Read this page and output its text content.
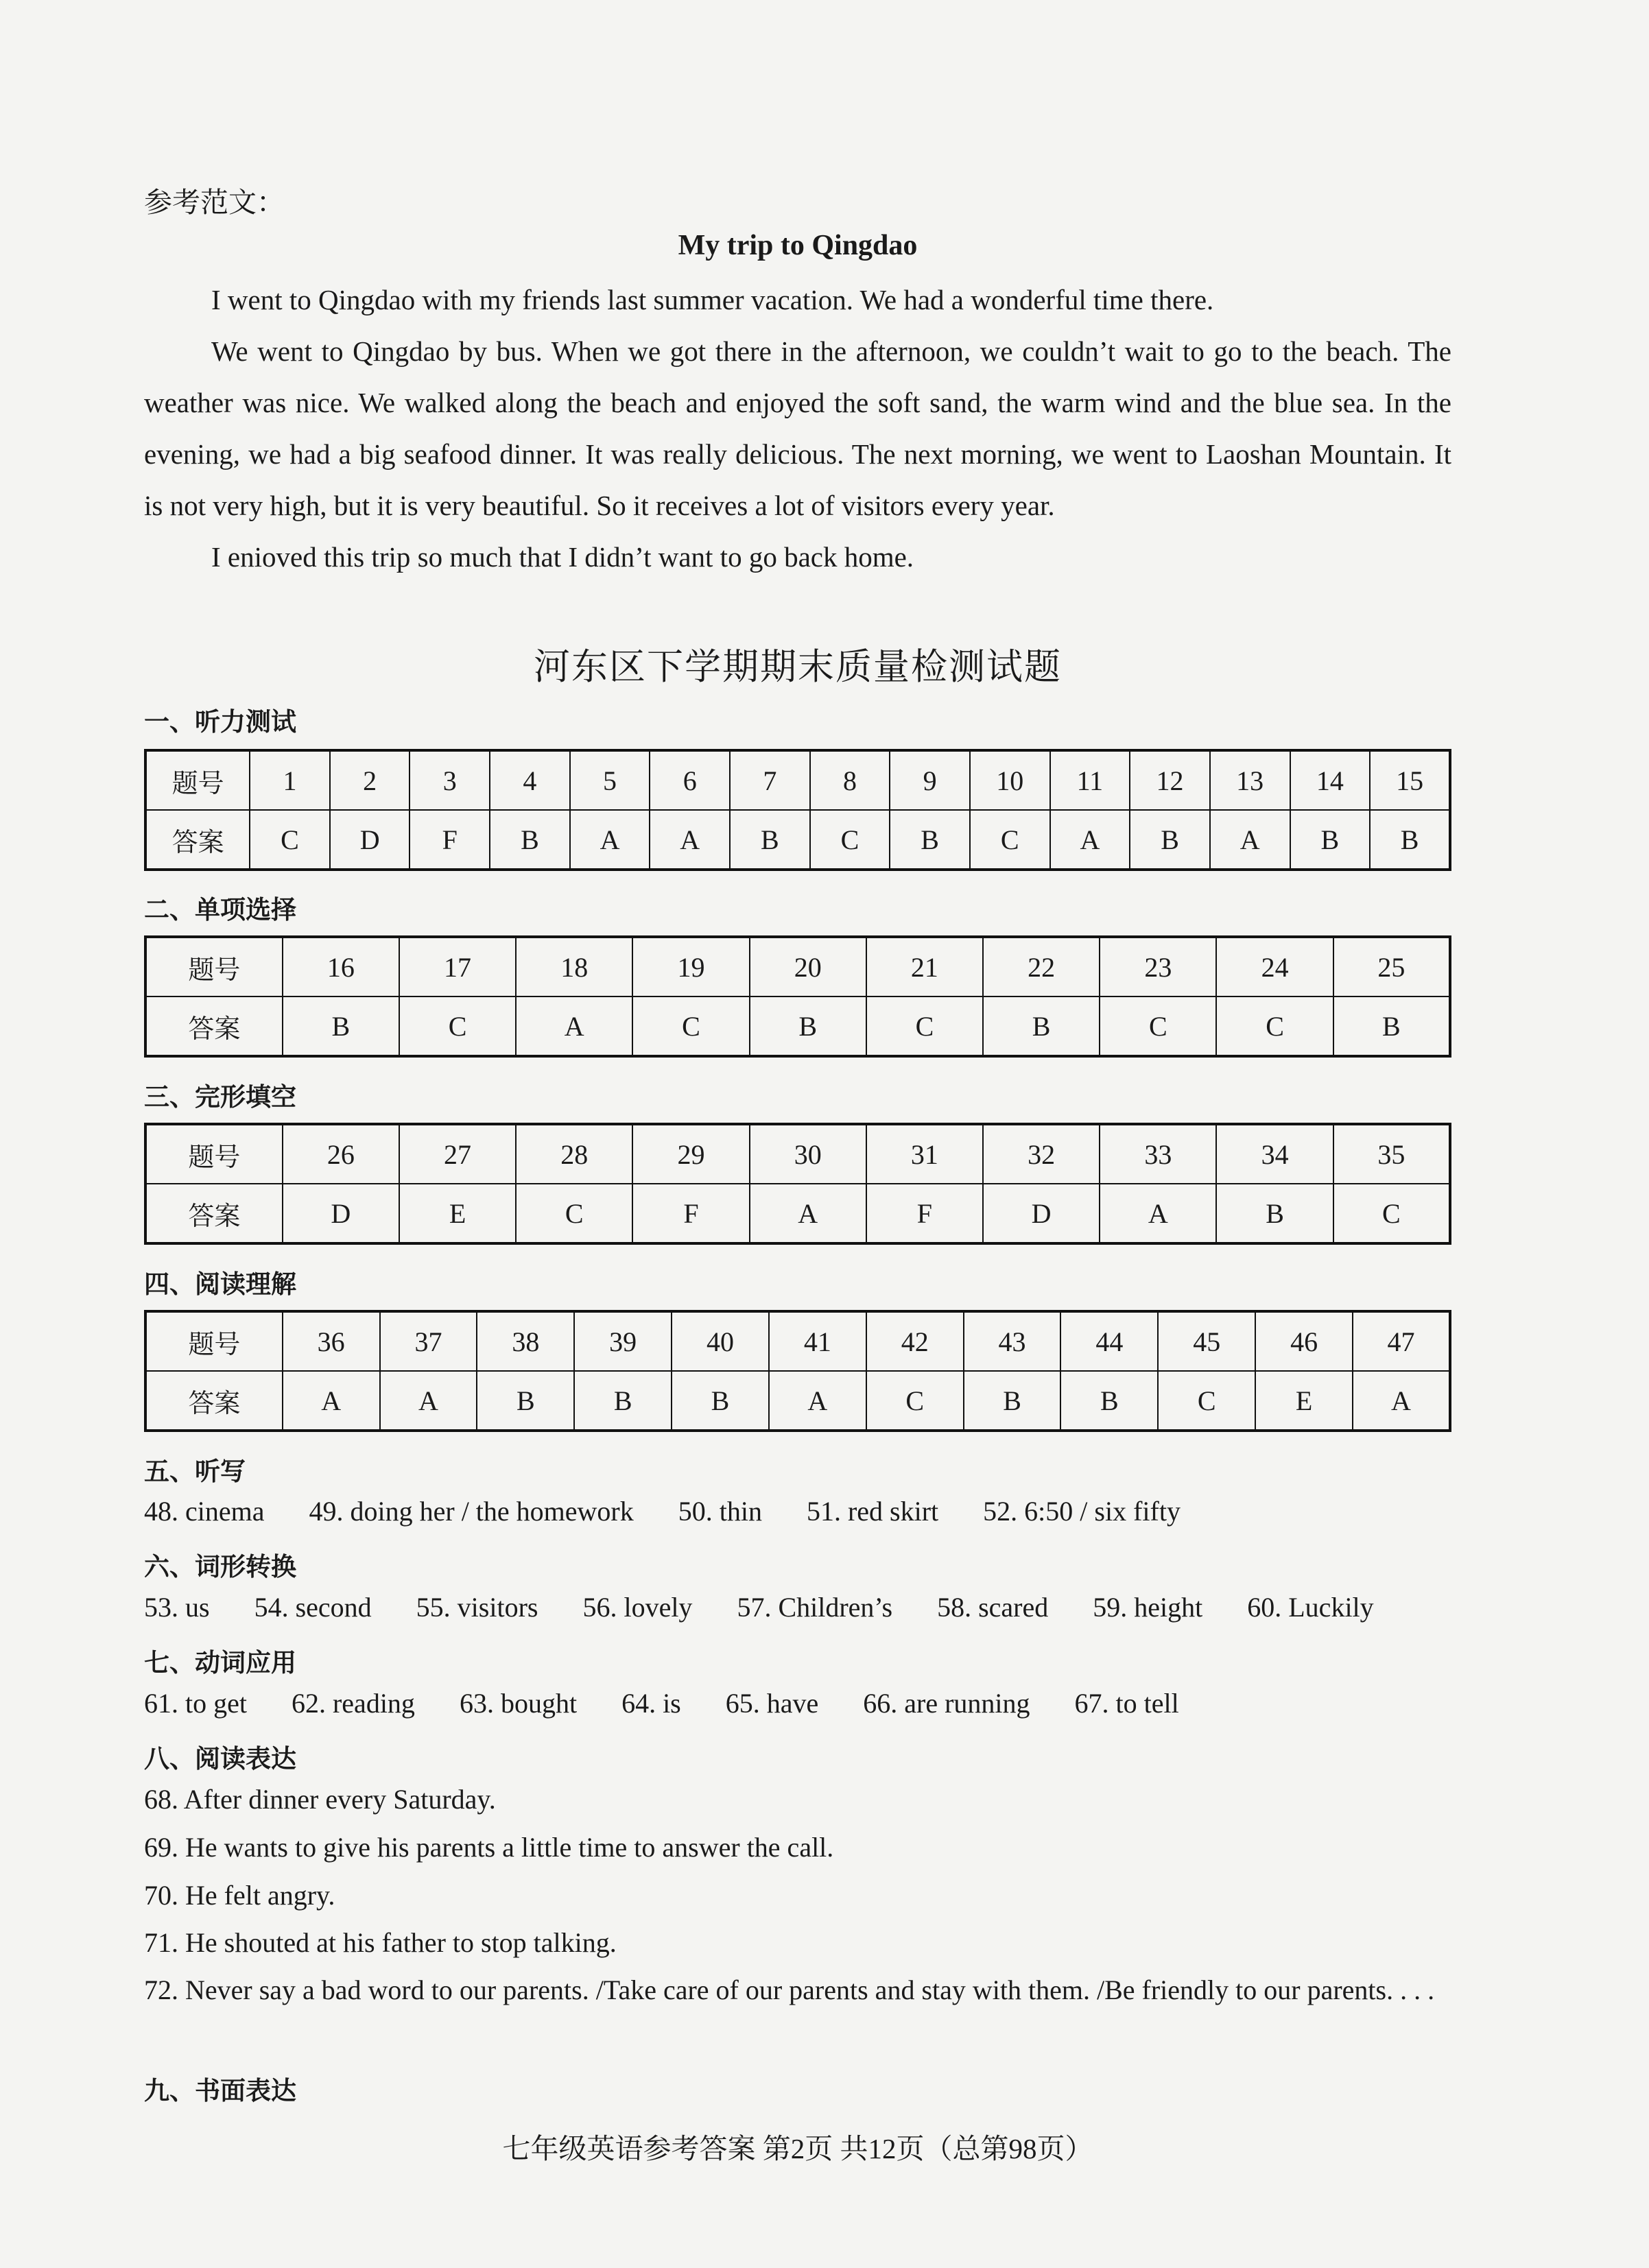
参考范文：
My trip to Qingdao

I went to Qingdao with my friends last summer vacation. We had a wonderful time there.

We went to Qingdao by bus. When we got there in the afternoon, we couldn’t wait to go to the beach. The weather was nice. We walked along the beach and enjoyed the soft sand, the warm wind and the blue sea. In the evening, we had a big seafood dinner. It was really delicious. The next morning, we went to Laoshan Mountain. It is not very high, but it is very beautiful. So it receives a lot of visitors every year.

I enioved this trip so much that I didn’t want to go back home.

河东区下学期期末质量检测试题
一、听力测试
题号	1	2	3	4	5	6	7	8	9	10	11	12	13	14	15
答案	C	D	F	B	A	A	B	C	B	C	A	B	A	B	B
二、单项选择
题号	16	17	18	19	20	21	22	23	24	25
答案	B	C	A	C	B	C	B	C	C	B
三、完形填空
题号	26	27	28	29	30	31	32	33	34	35
答案	D	E	C	F	A	F	D	A	B	C
四、阅读理解
题号	36	37	38	39	40	41	42	43	44	45	46	47
答案	A	A	B	B	B	A	C	B	B	C	E	A
五、听写
48. cinema 49. doing her / the homework 50. thin 51. red skirt 52. 6:50 / six fifty
六、词形转换
53. us 54. second 55. visitors 56. lovely 57. Children’s 58. scared 59. height 60. Luckily
七、动词应用
61. to get 62. reading 63. bought 64. is 65. have 66. are running 67. to tell
八、阅读表达
68. After dinner every Saturday.
69. He wants to give his parents a little time to answer the call.
70. He felt angry.
71. He shouted at his father to stop talking.
72. Never say a bad word to our parents. /Take care of our parents and stay with them. /Be friendly to our parents. . . .
九、书面表达
七年级英语参考答案 第2页 共12页（总第98页）
